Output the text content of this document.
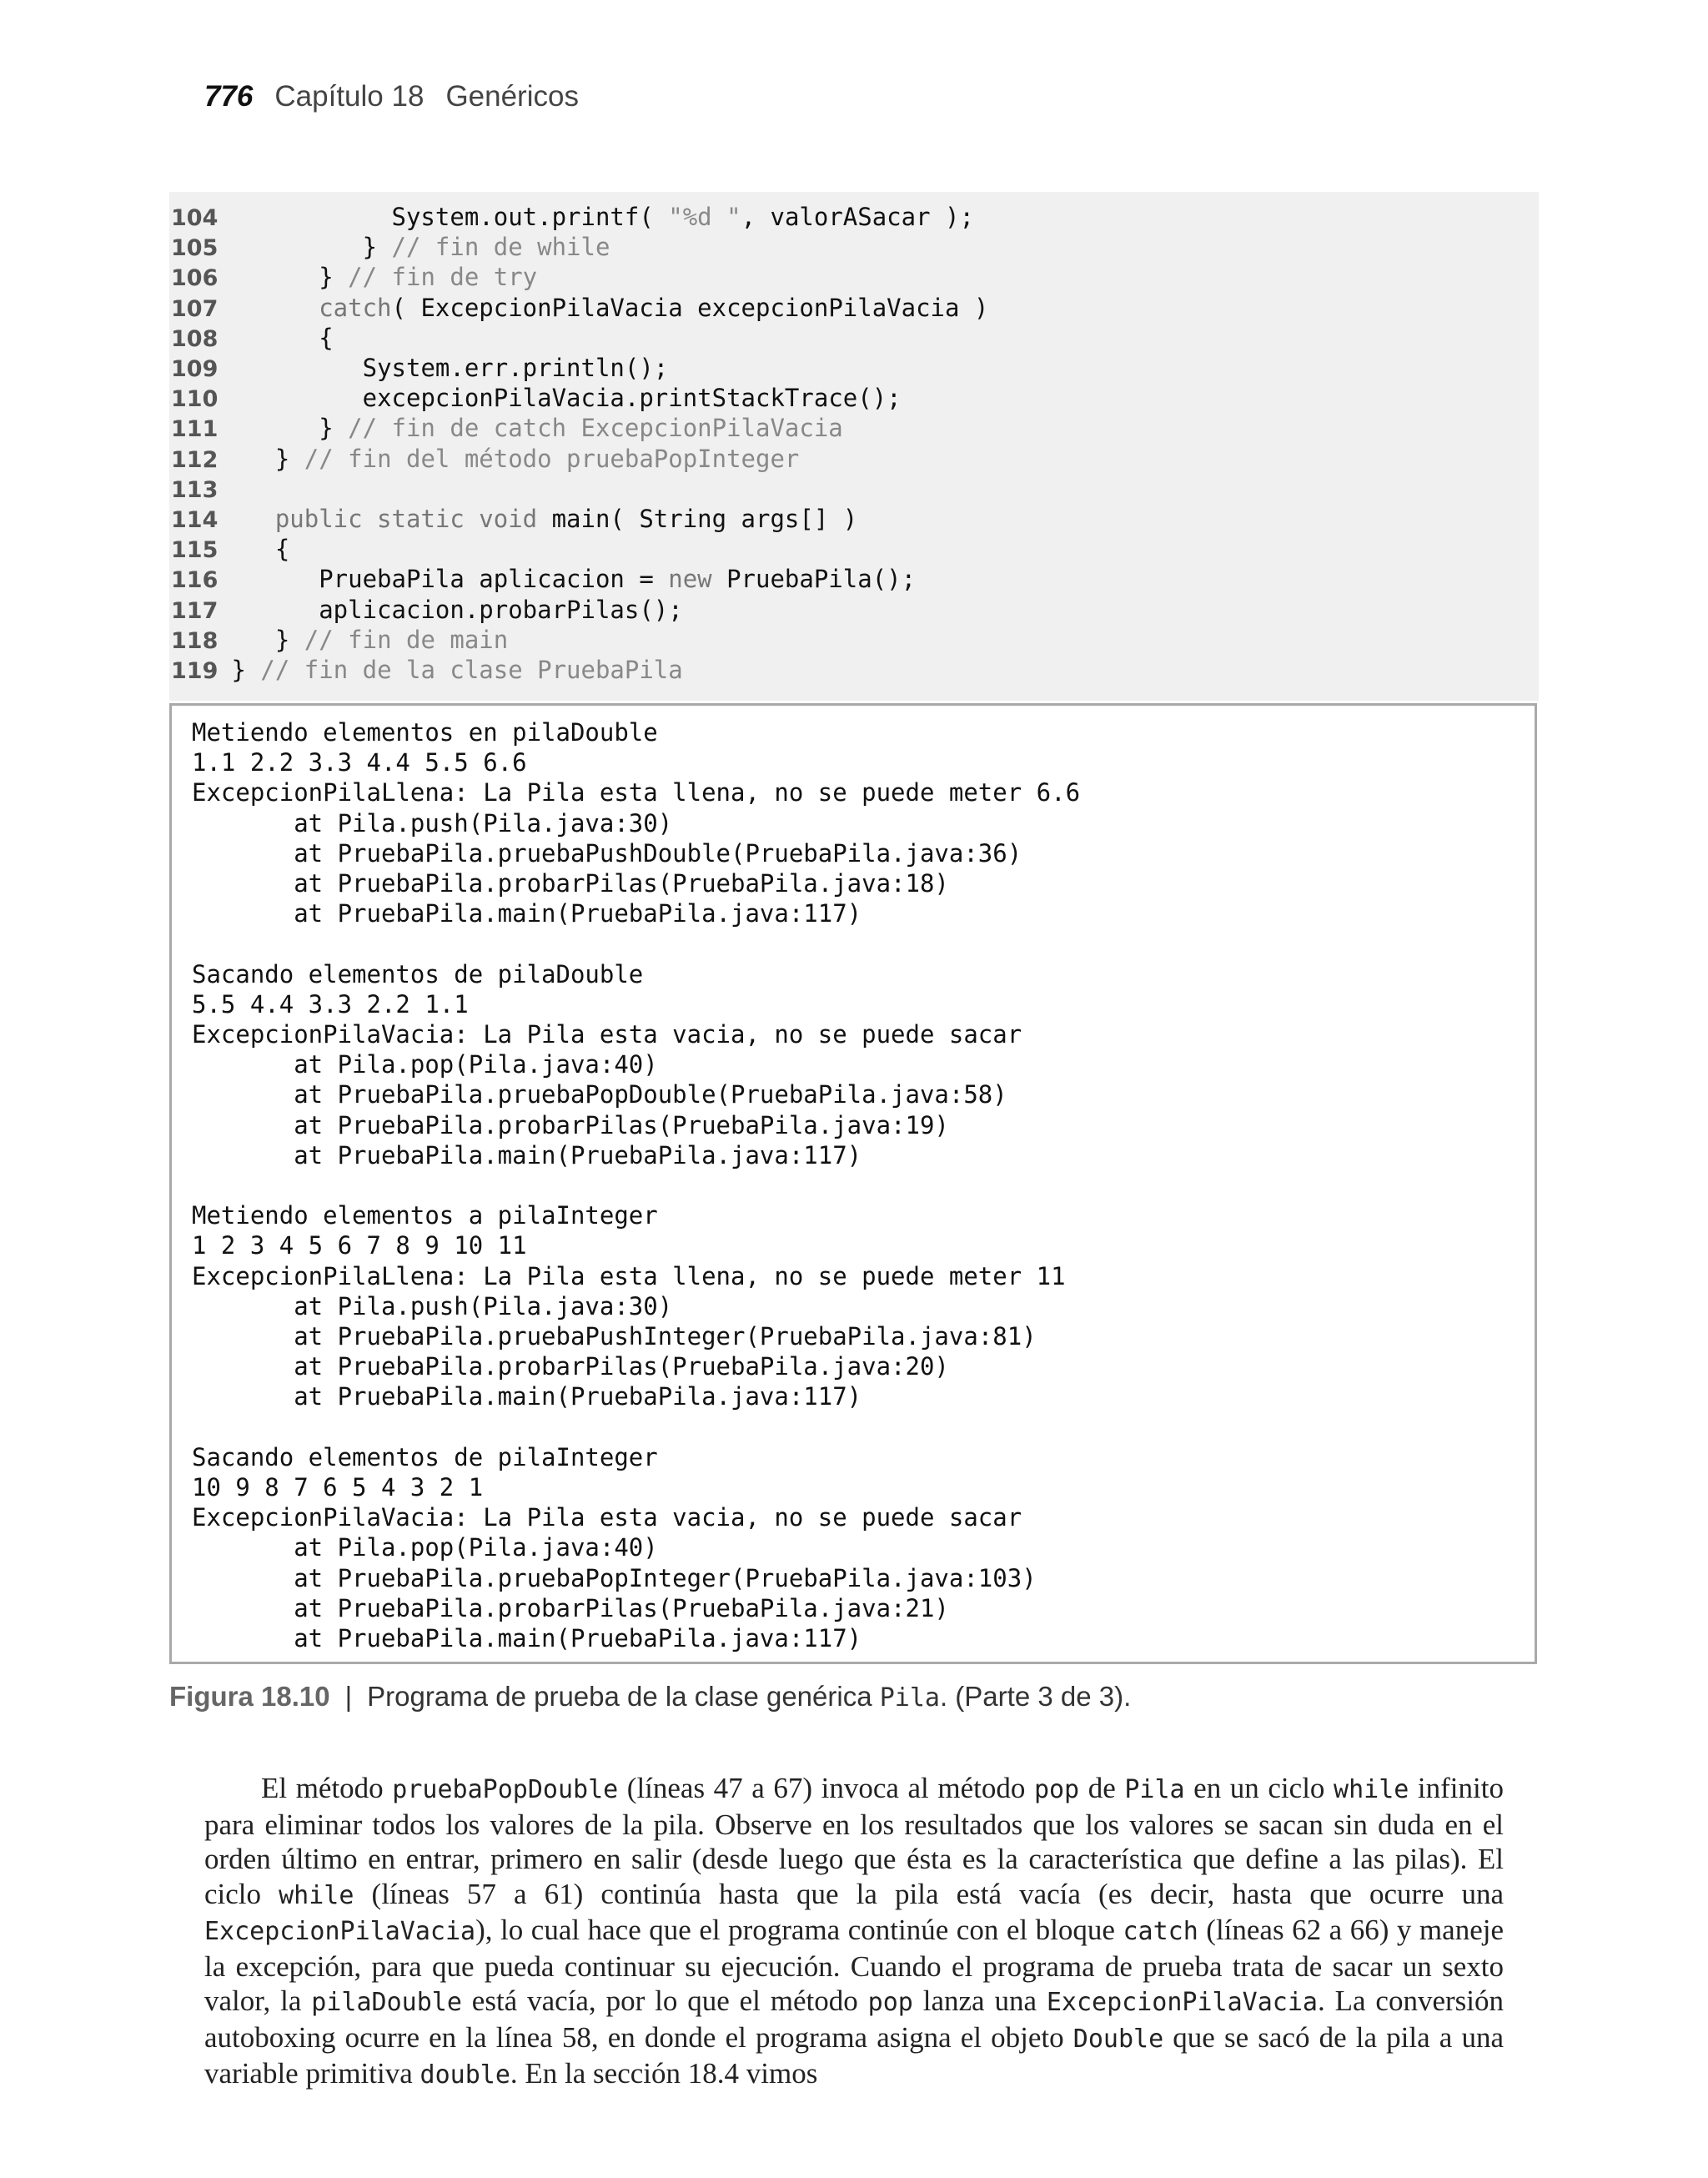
776 Capítulo 18 Genéricos
104	System.out.printf( "%d ", valorASacar );
105	} // fin de while
106	} // fin de try
107	catch( ExcepcionPilaVacia excepcionPilaVacia )
108	{
109	System.err.println();
110	excepcionPilaVacia.printStackTrace();
111	} // fin de catch ExcepcionPilaVacia
112 } // fin del método pruebaPopInteger
113
114 public static void main( String args[] )
115 {
116	PruebaPila aplicacion = new PruebaPila();
117	aplicacion.probarPilas();
118 } // fin de main
119 } // fin de la clase PruebaPila
Metiendo elementos en pilaDouble
1.1 2.2 3.3 4.4 5.5 6.6
ExcepcionPilaLlena: La Pila esta llena, no se puede meter 6.6
at Pila.push(Pila.java:30)
at PruebaPila.pruebaPushDouble(PruebaPila.java:36)
at PruebaPila.probarPilas(PruebaPila.java:18)
at PruebaPila.main(PruebaPila.java:117)
Sacando elementos de pilaDouble
5.5 4.4 3.3 2.2 1.1
ExcepcionPilaVacia: La Pila esta vacia, no se puede sacar
at Pila.pop(Pila.java:40)
at PruebaPila.pruebaPopDouble(PruebaPila.java:58)
at PruebaPila.probarPilas(PruebaPila.java:19)
at PruebaPila.main(PruebaPila.java:117)
Metiendo elementos a pilaInteger
1 2 3 4 5 6 7 8 9 10 11
ExcepcionPilaLlena: La Pila esta llena, no se puede meter 11
at Pila.push(Pila.java:30)
at PruebaPila.pruebaPushInteger(PruebaPila.java:81)
at PruebaPila.probarPilas(PruebaPila.java:20)
at PruebaPila.main(PruebaPila.java:117)
Sacando elementos de pilaInteger
10 9 8 7 6 5 4 3 2 1
ExcepcionPilaVacia: La Pila esta vacia, no se puede sacar
at Pila.pop(Pila.java:40)
at PruebaPila.pruebaPopInteger(PruebaPila.java:103)
at PruebaPila.probarPilas(PruebaPila.java:21)
at PruebaPila.main(PruebaPila.java:117)
Figura 18.10 | Programa de prueba de la clase genérica Pila. (Parte 3 de 3).
El método pruebaPopDouble (líneas 47 a 67) invoca al método pop de Pila en un ciclo while infinito para eliminar todos los valores de la pila. Observe en los resultados que los valores se sacan sin duda en el orden último en entrar, primero en salir (desde luego que ésta es la característica que define a las pilas). El ciclo while (líneas 57 a 61) continúa hasta que la pila está vacía (es decir, hasta que ocurre una ExcepcionPilaVacia), lo cual hace que el programa continúe con el bloque catch (líneas 62 a 66) y maneje la excepción, para que pueda continuar su ejecución. Cuando el programa de prueba trata de sacar un sexto valor, la pilaDouble está vacía, por lo que el método pop lanza una ExcepcionPilaVacia. La conversión autoboxing ocurre en la línea 58, en donde el programa asigna el objeto Double que se sacó de la pila a una variable primitiva double. En la sección 18.4 vimos
